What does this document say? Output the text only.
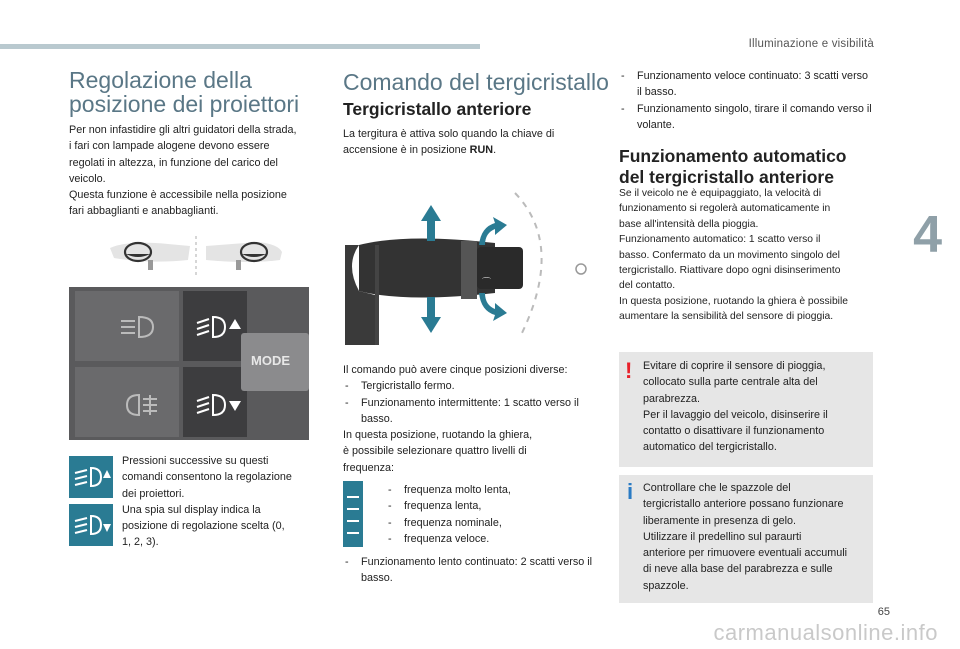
Illuminazione e visibilità
4
Regolazione della
posizione dei proiettori

Per non infastidire gli altri guidatori della strada,

i fari con lampade alogene devono essere

regolati in altezza, in funzione del carico del

veicolo.

Questa funzione è accessibile nella posizione

fari abbaglianti e anabbaglianti.

MODE

Pressioni successive su questi

comandi consentono la regolazione

dei proiettori.

Una spia sul display indica la

posizione di regolazione scelta (0,

1, 2, 3).

Comando del tergicristallo
Tergicristallo anteriore

La tergitura è attiva solo quando la chiave di

accensione è in posizione RUN.

⌒

Il comando può avere cinque posizioni diverse:

- Tergicristallo fermo.
- Funzionamento intermittente: 1 scatto verso il basso.

In questa posizione, ruotando la ghiera,

è possibile selezionare quattro livelli di

frequenza:

- frequenza molto lenta,
- frequenza lenta,
- frequenza nominale,
- frequenza veloce.
- Funzionamento lento continuato: 2 scatti verso il basso.
- Funzionamento veloce continuato: 3 scatti verso il basso.
- Funzionamento singolo, tirare il comando verso il volante.
Funzionamento automatico
del tergicristallo anteriore

Se il veicolo ne è equipaggiato, la velocità di

funzionamento si regolerà automaticamente in

base all'intensità della pioggia.

Funzionamento automatico: 1 scatto verso il

basso. Confermato da un movimento singolo del

tergicristallo. Riattivare dopo ogni disinserimento

del contatto.

In questa posizione, ruotando la ghiera è possibile

aumentare la sensibilità del sensore di pioggia.

! Evitare di coprire il sensore di pioggia,

collocato sulla parte centrale alta del

parabrezza.

Per il lavaggio del veicolo, disinserire il

contatto o disattivare il funzionamento

automatico del tergicristallo.

i Controllare che le spazzole del

tergicristallo anteriore possano funzionare

liberamente in presenza di gelo.

Utilizzare il predellino sul paraurti

anteriore per rimuovere eventuali accumuli

di neve alla base del parabrezza e sulle

spazzole.

65
carmanualsonline.info
